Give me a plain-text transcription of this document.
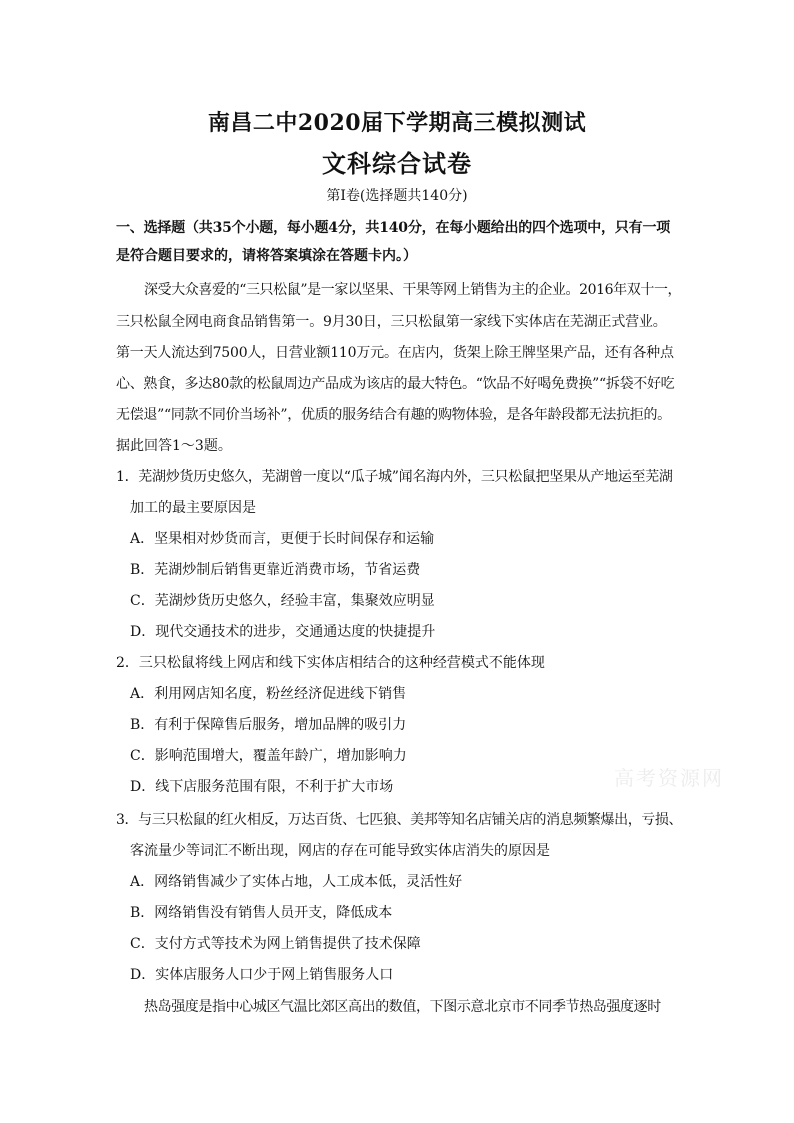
南昌二中2020届下学期高三模拟测试
文科综合试卷
第Ⅰ卷(选择题共140分)
一、选择题（共35个小题，每小题4分，共140分，在每小题给出的四个选项中，只有一项
是符合题目要求的，请将答案填涂在答题卡内。）
深受大众喜爱的“三只松鼠”是一家以坚果、干果等网上销售为主的企业。2016年双十一，
三只松鼠全网电商食品销售第一。9月30日，三只松鼠第一家线下实体店在芜湖正式营业。
第一天人流达到7500人，日营业额110万元。在店内，货架上除王牌坚果产品，还有各种点
心、熟食，多达80款的松鼠周边产品成为该店的最大特色。“饮品不好喝免费换”“拆袋不好吃
无偿退”“同款不同价当场补”，优质的服务结合有趣的购物体验，是各年龄段都无法抗拒的。
据此回答1～3题。
1．芜湖炒货历史悠久，芜湖曾一度以“瓜子城”闻名海内外，三只松鼠把坚果从产地运至芜湖
加工的最主要原因是
A．坚果相对炒货而言，更便于长时间保存和运输
B．芜湖炒制后销售更靠近消费市场，节省运费
C．芜湖炒货历史悠久，经验丰富，集聚效应明显
D．现代交通技术的进步，交通通达度的快捷提升
2．三只松鼠将线上网店和线下实体店相结合的这种经营模式不能体现
A．利用网店知名度，粉丝经济促进线下销售
B．有利于保障售后服务，增加品牌的吸引力
C．影响范围增大，覆盖年龄广，增加影响力
D．线下店服务范围有限，不利于扩大市场
3．与三只松鼠的红火相反，万达百货、七匹狼、美邦等知名店铺关店的消息频繁爆出，亏损、
客流量少等词汇不断出现，网店的存在可能导致实体店消失的原因是
A．网络销售减少了实体占地，人工成本低，灵活性好
B．网络销售没有销售人员开支，降低成本
C．支付方式等技术为网上销售提供了技术保障
D．实体店服务人口少于网上销售服务人口
热岛强度是指中心城区气温比郊区高出的数值，下图示意北京市不同季节热岛强度逐时
高考资源网
